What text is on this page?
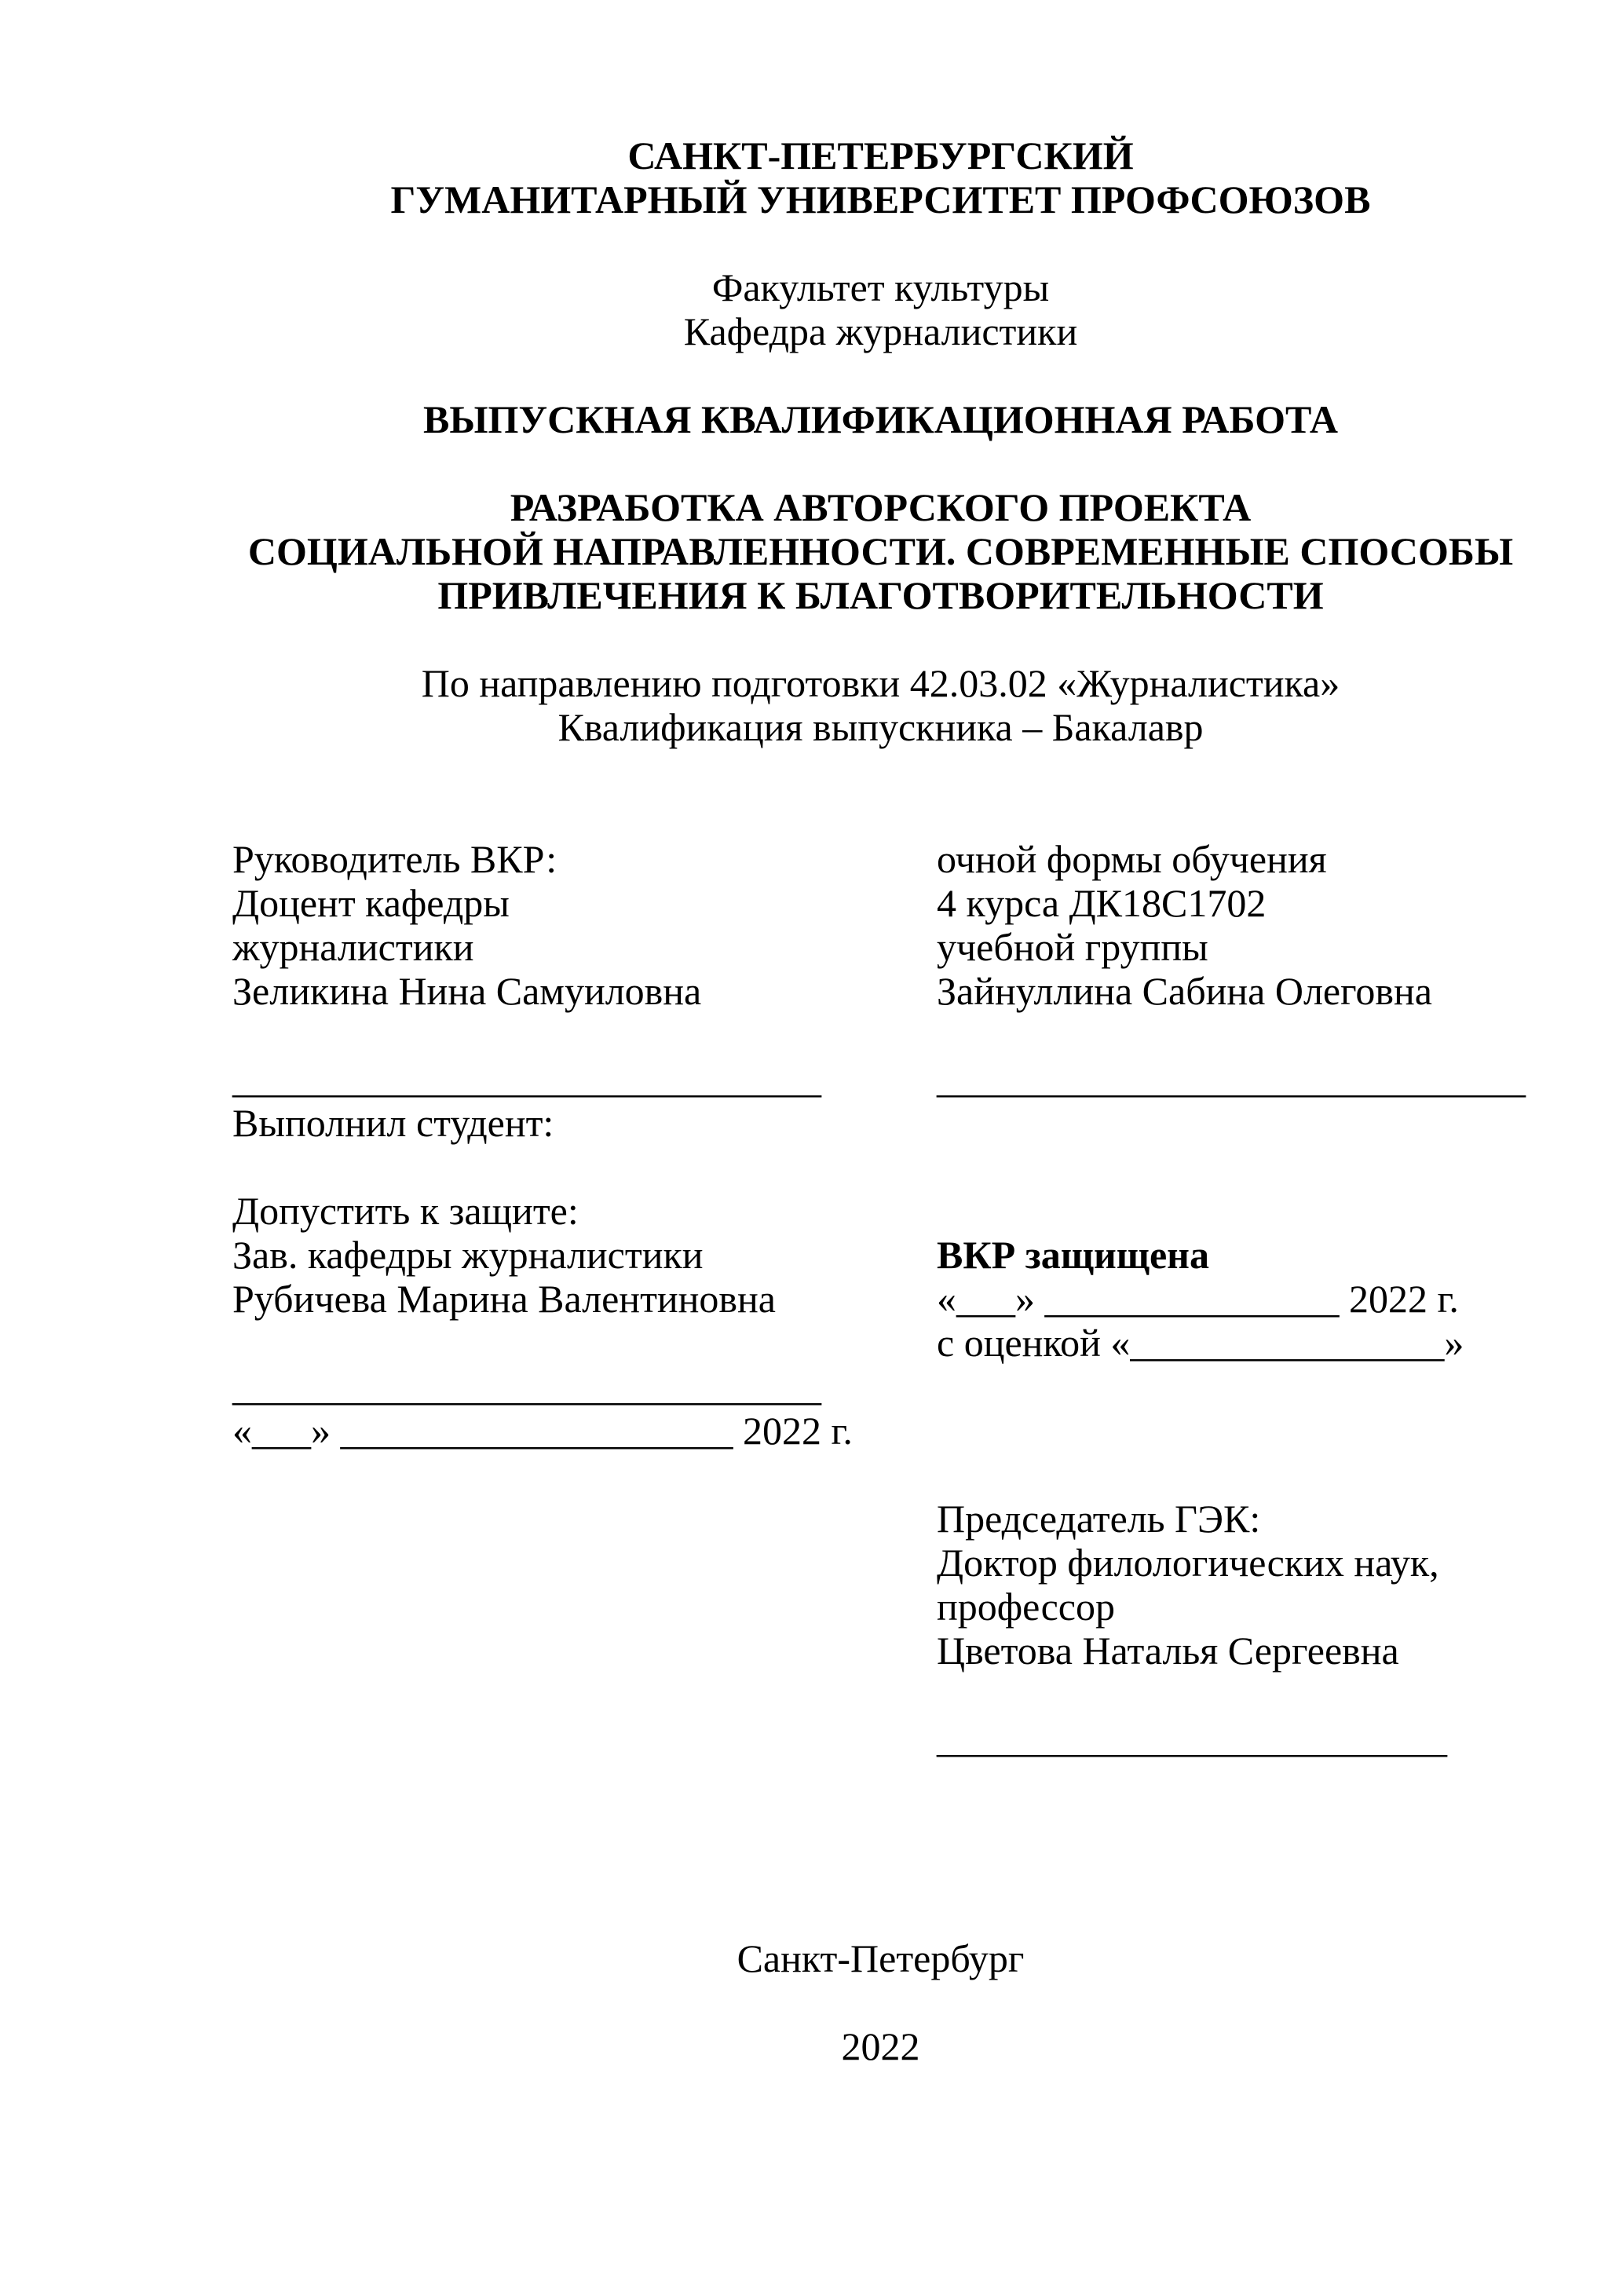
САНКТ-ПЕТЕРБУРГСКИЙ
ГУМАНИТАРНЫЙ УНИВЕРСИТЕТ ПРОФСОЮЗОВ
Факультет культуры
Кафедра журналистики
ВЫПУСКНАЯ КВАЛИФИКАЦИОННАЯ РАБОТА
РАЗРАБОТКА АВТОРСКОГО ПРОЕКТА
СОЦИАЛЬНОЙ НАПРАВЛЕННОСТИ. СОВРЕМЕННЫЕ СПОСОБЫ
ПРИВЛЕЧЕНИЯ К БЛАГОТВОРИТЕЛЬНОСТИ
По направлению подготовки 42.03.02 «Журналистика»
Квалификация выпускника – Бакалавр
Руководитель ВКР:
Доцент кафедры
журналистики
Зеликина Нина Самуиловна
______________________________
Выполнил студент:
Допустить к защите:
Зав. кафедры журналистики
Рубичева Марина Валентиновна
______________________________
«___» ____________________ 2022 г.
очной формы обучения
4 курса ДК18С1702
учебной группы
Зайнуллина Сабина Олеговна
______________________________
ВКР защищена
«___» _______________ 2022 г.
с оценкой «________________»
Председатель ГЭК:
Доктор филологических наук,
профессор
Цветова Наталья Сергеевна
__________________________
Санкт-Петербург
2022
